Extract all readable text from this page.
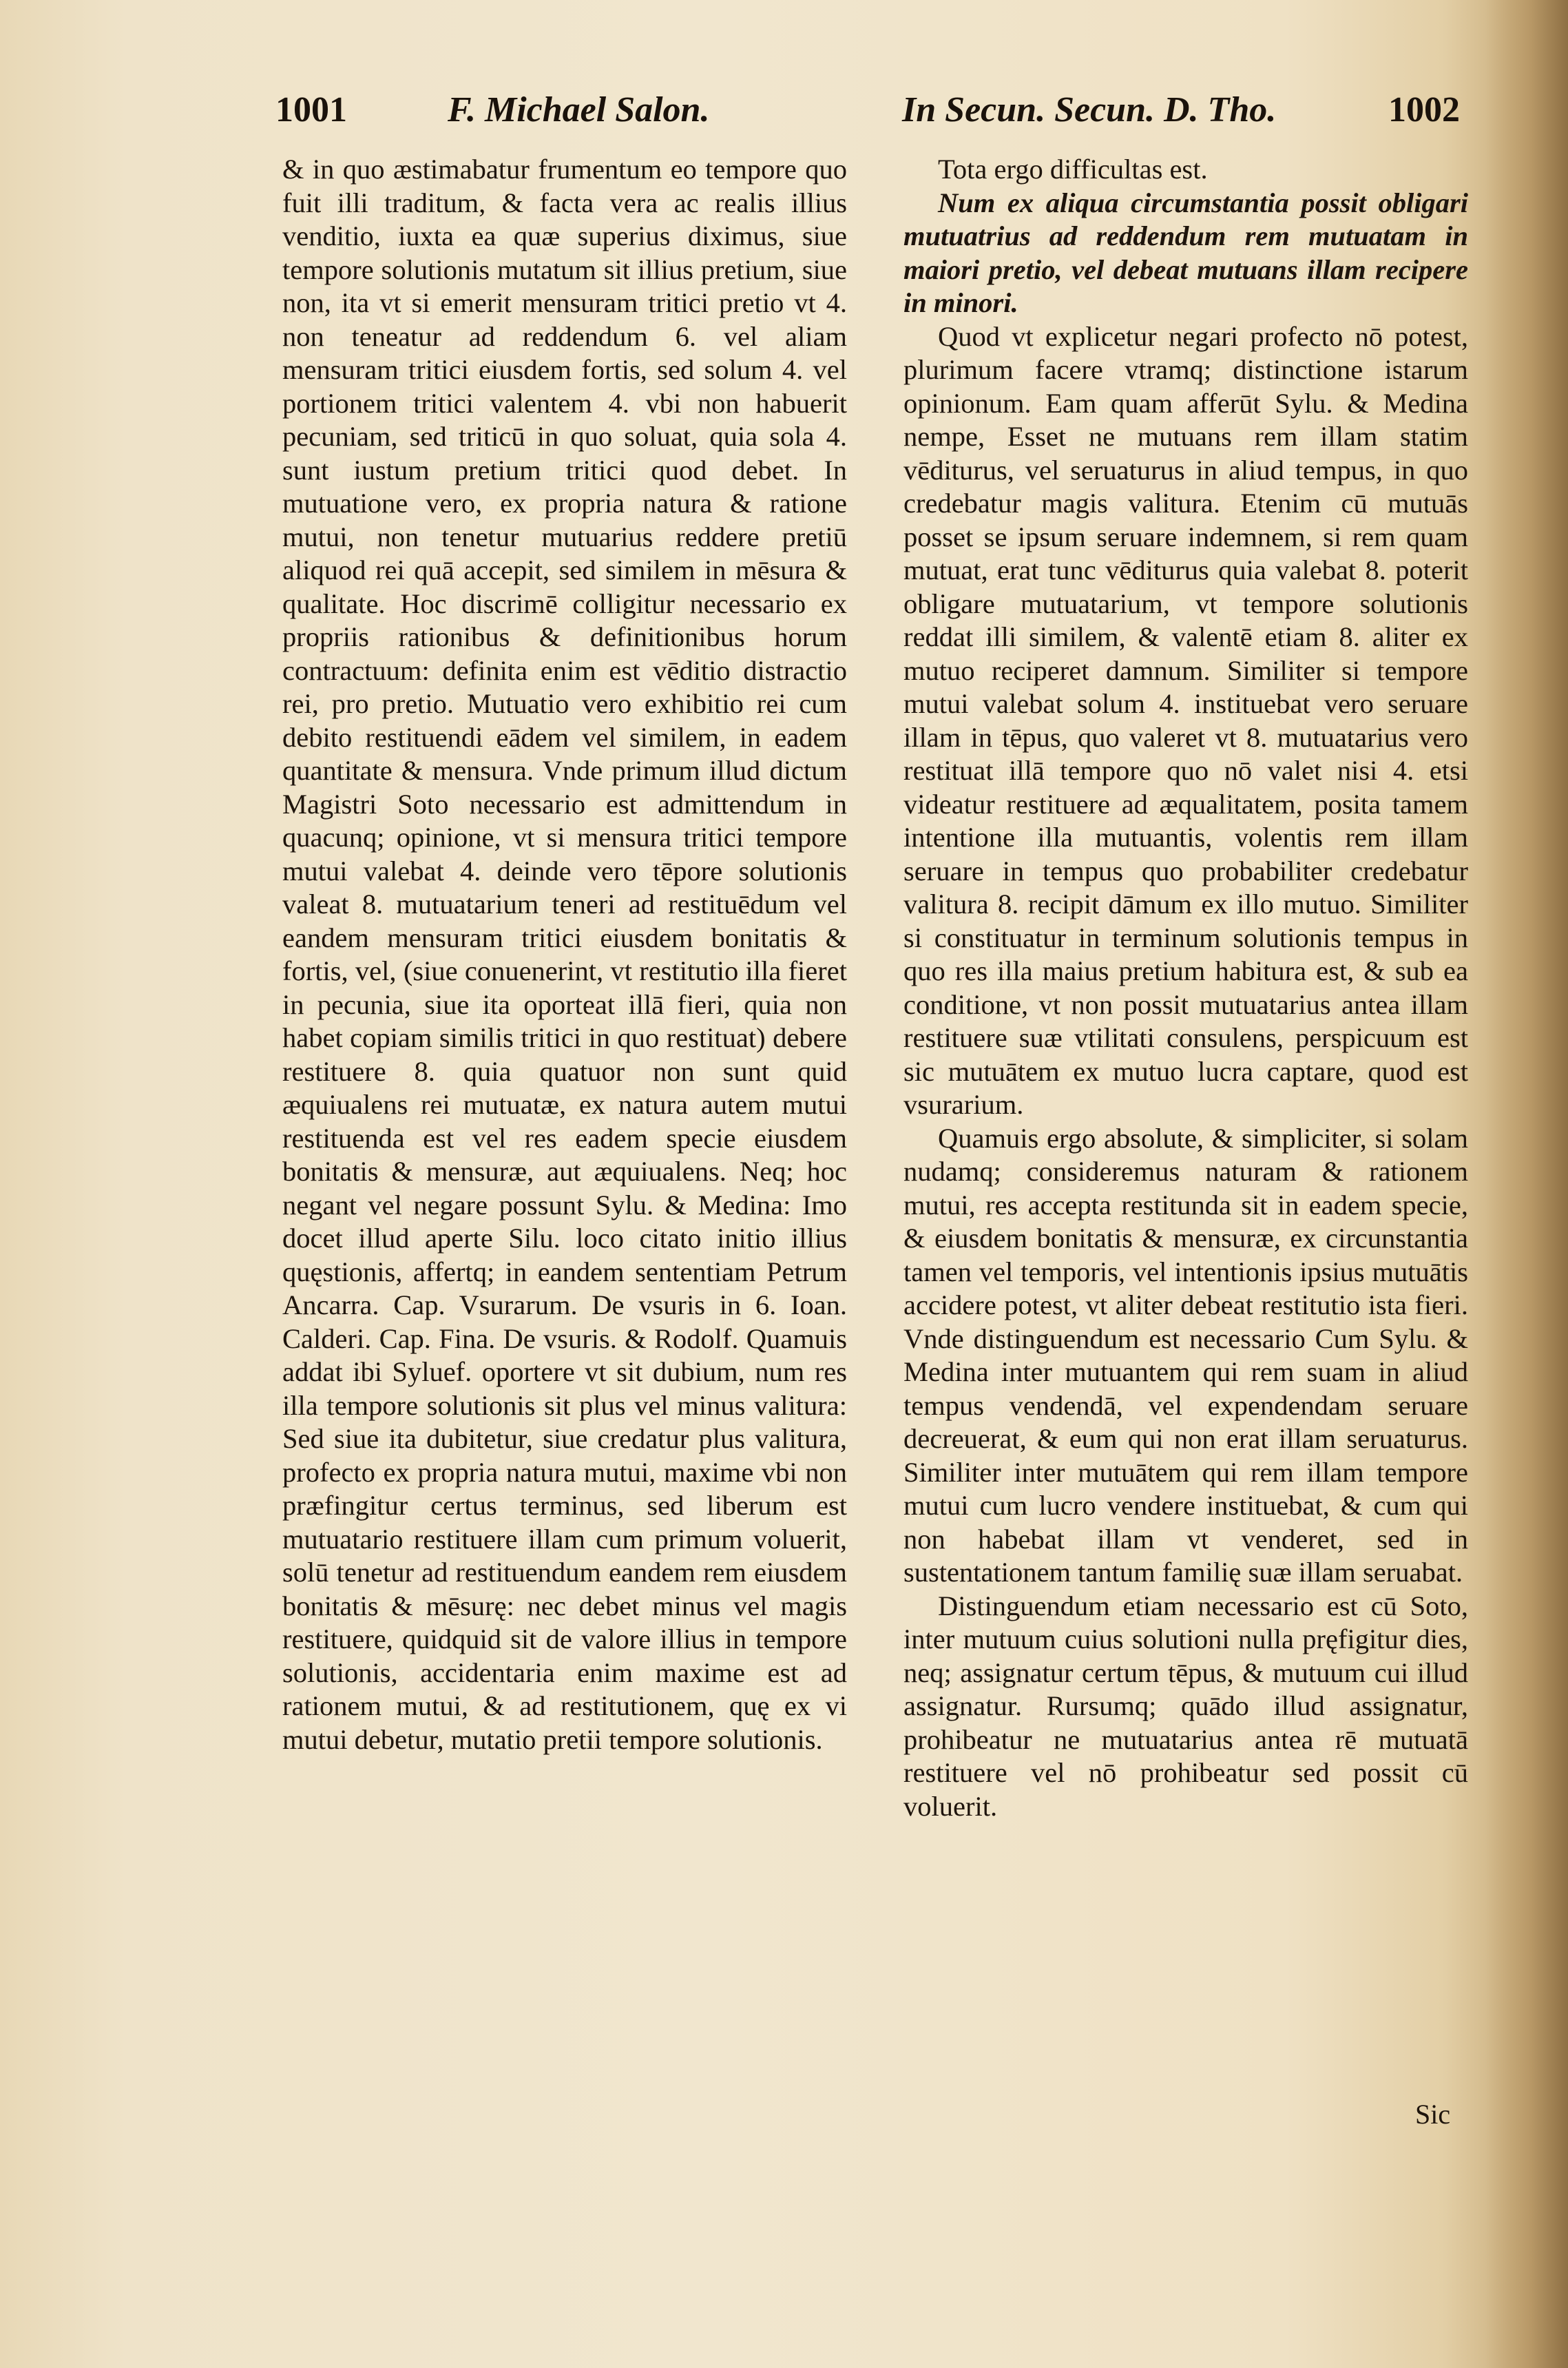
1001	F. Michael Salon.	In Secun. Secun. D. Tho.	1002

& in quo æstimabatur frumentum eo tempore quo fuit illi traditum, & facta vera ac realis illius venditio, iuxta ea quæ superius diximus, siue tempore solutionis mutatum sit illius pretium, siue non, ita vt si emerit mensuram tritici pretio vt 4. non teneatur ad reddendum 6. vel aliam mensuram tritici eiusdem fortis, sed solum 4. vel portionem tritici valentem 4. vbi non habuerit pecuniam, sed triticū in quo soluat, quia sola 4. sunt iustum pretium tritici quod debet. In mutuatione vero, ex propria natura & ratione mutui, non tenetur mutuarius reddere pretiū aliquod rei quā accepit, sed similem in mēsura & qualitate. Hoc discrimē colligitur necessario ex propriis rationibus & definitionibus horum contractuum: definita enim est vēditio distractio rei, pro pretio. Mutuatio vero exhibitio rei cum debito restituendi eādem vel similem, in eadem quantitate & mensura. Vnde primum illud dictum Magistri Soto necessario est admittendum in quacunq; opinione, vt si mensura tritici tempore mutui valebat 4. deinde vero tēpore solutionis valeat 8. mutuatarium teneri ad restituēdum vel eandem mensuram tritici eiusdem bonitatis & fortis, vel, (siue conuenerint, vt restitutio illa fieret in pecunia, siue ita oporteat illā fieri, quia non habet copiam similis tritici in quo restituat) debere restituere 8. quia quatuor non sunt quid æquiualens rei mutuatæ, ex natura autem mutui restituenda est vel res eadem specie eiusdem bonitatis & mensuræ, aut æquiualens. Neq; hoc negant vel negare possunt Sylu. & Medina: Imo docet illud aperte Silu. loco citato initio illius quęstionis, affertq; in eandem sententiam Petrum Ancarra. Cap. Vsurarum. De vsuris in 6. Ioan. Calderi. Cap. Fina. De vsuris. & Rodolf. Quamuis addat ibi Syluef. oportere vt sit dubium, num res illa tempore solutionis sit plus vel minus valitura: Sed siue ita dubitetur, siue credatur plus valitura, profecto ex propria natura mutui, maxime vbi non præfingitur certus terminus, sed liberum est mutuatario restituere illam cum primum voluerit, solū tenetur ad restituendum eandem rem eiusdem bonitatis & mēsurę: nec debet minus vel magis restituere, quidquid sit de valore illius in tempore solutionis, accidentaria enim maxime est ad rationem mutui, & ad restitutionem, quę ex vi mutui debetur, mutatio pretii tempore solutionis.

Tota ergo difficultas est.

Num ex aliqua circumstantia possit obligari mutuatrius ad reddendum rem mutuatam in maiori pretio, vel debeat mutuans illam recipere in minori.

Quod vt explicetur negari profecto nō potest, plurimum facere vtramq; distinctione istarum opinionum. Eam quam afferūt Sylu. & Medina nempe, Esset ne mutuans rem illam statim vēditurus, vel seruaturus in aliud tempus, in quo credebatur magis valitura. Etenim cū mutuās posset se ipsum seruare indemnem, si rem quam mutuat, erat tunc vēditurus quia valebat 8. poterit obligare mutuatarium, vt tempore solutionis reddat illi similem, & valentē etiam 8. aliter ex mutuo reciperet damnum. Similiter si tempore mutui valebat solum 4. instituebat vero seruare illam in tēpus, quo valeret vt 8. mutuatarius vero restituat illā tempore quo nō valet nisi 4. etsi videatur restituere ad æqualitatem, posita tamem intentione illa mutuantis, volentis rem illam seruare in tempus quo probabiliter credebatur valitura 8. recipit dāmum ex illo mutuo. Similiter si constituatur in terminum solutionis tempus in quo res illa maius pretium habitura est, & sub ea conditione, vt non possit mutuatarius antea illam restituere suæ vtilitati consulens, perspicuum est sic mutuātem ex mutuo lucra captare, quod est vsurarium.

Quamuis ergo absolute, & simpliciter, si solam nudamq; consideremus naturam & rationem mutui, res accepta restitunda sit in eadem specie, & eiusdem bonitatis & mensuræ, ex circunstantia tamen vel temporis, vel intentionis ipsius mutuātis accidere potest, vt aliter debeat restitutio ista fieri. Vnde distinguendum est necessario Cum Sylu. & Medina inter mutuantem qui rem suam in aliud tempus vendendā, vel expendendam seruare decreuerat, & eum qui non erat illam seruaturus. Similiter inter mutuātem qui rem illam tempore mutui cum lucro vendere instituebat, & cum qui non habebat illam vt venderet, sed in sustentationem tantum familię suæ illam seruabat.

Distinguendum etiam necessario est cū Soto, inter mutuum cuius solutioni nulla pręfigitur dies, neq; assignatur certum tēpus, & mutuum cui illud assignatur. Rursumq; quādo illud assignatur, prohibeatur ne mutuatarius antea rē mutuatā restituere vel nō prohibeatur sed possit cū voluerit.

Sic
